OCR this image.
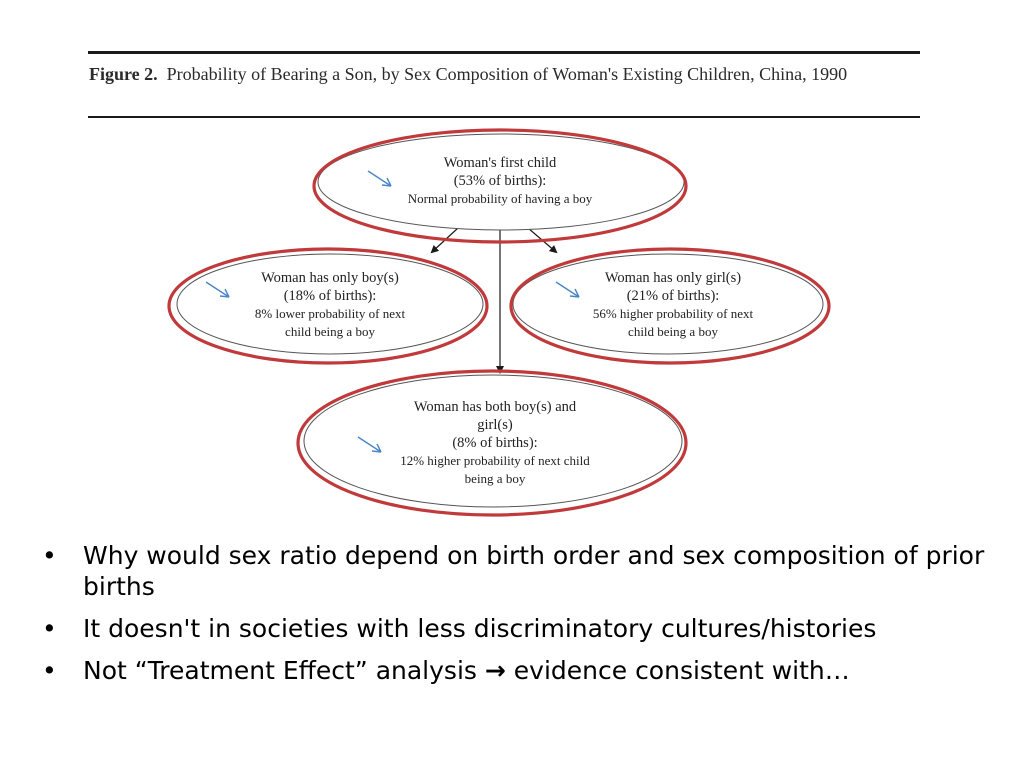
Figure 2. Probability of Bearing a Son, by Sex Composition of Woman's Existing Children, China, 1990
Woman's first child
(53% of births):
Normal probability of having a boy
Woman has only boy(s)
(18% of births):
8% lower probability of next
child being a boy
Woman has only girl(s)
(21% of births):
56% higher probability of next
child being a boy
Woman has both boy(s) and
girl(s)
(8% of births):
12% higher probability of next child
being a boy
• Why would sex ratio depend on birth order and sex composition of prior births
• It doesn't in societies with less discriminatory cultures/histories
• Not “Treatment Effect” analysis → evidence consistent with…
